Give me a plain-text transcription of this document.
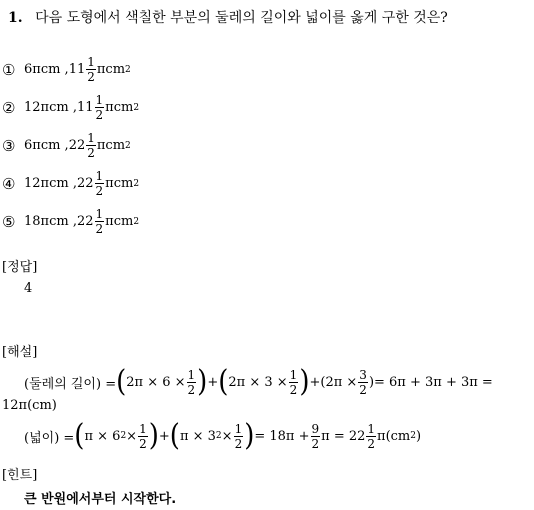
1. 다음 도형에서 색칠한 부분의 둘레의 길이와 넓이를 옳게 구한 것은?
① 6πcm , $11 \frac{1}{2}$ πcm 2
② 12πcm , $11 \frac{1}{2}$ πcm 2
③ 6πcm , $22 \frac{1}{2}$ πcm 2
④ 12πcm , $22 \frac{1}{2}$ πcm 2
⑤ 18πcm , $22 \frac{1}{2}$ πcm 2
[정답]
4
[해설]
(둘레의 길이) = ( $2\pi \times 6 \times \frac{1}{2}$ ) + ( $2\pi \times 3 \times \frac{1}{2}$ ) + ($2\pi \times \frac{3}{2}$ ) = 6π + 3π + 3π =
12π(cm)
(넓이) = ( π × 6 $2 \times \frac{1}{2}$ ) + ( π × 3 $2 \times \frac{1}{2}$ ) = $18\pi + \frac{9}{2}$ $\pi = 22 \frac{1}{2} \pi(cm$ 2 )
[힌트]
큰 반원에서부터 시작한다.
